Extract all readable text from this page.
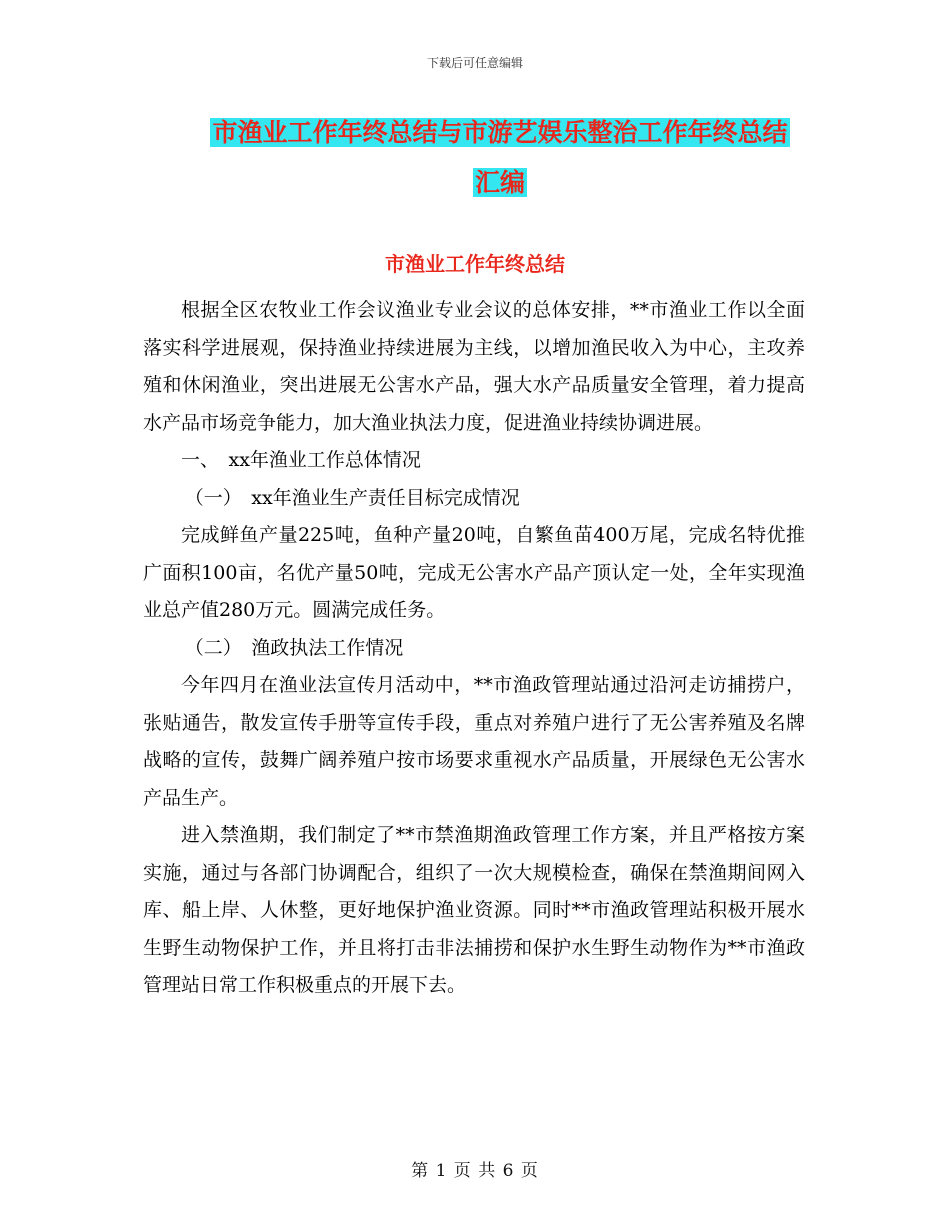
下载后可任意编辑
市渔业工作年终总结与市游艺娱乐整治工作年终总结
汇编
市渔业工作年终总结

根据全区农牧业工作会议渔业专业会议的总体安排，**市渔业工作以全面落实科学进展观，保持渔业持续进展为主线，以增加渔民收入为中心，主攻养殖和休闲渔业，突出进展无公害水产品，强大水产品质量安全管理，着力提高水产品市场竞争能力，加大渔业执法力度，促进渔业持续协调进展。

一、　xx年渔业工作总体情况

（一）　xx年渔业生产责任目标完成情况

完成鲜鱼产量225吨，鱼种产量20吨，自繁鱼苗400万尾，完成名特优推广面积100亩，名优产量50吨，完成无公害水产品产顶认定一处，全年实现渔业总产值280万元。圆满完成任务。

（二）　渔政执法工作情况

今年四月在渔业法宣传月活动中，**市渔政管理站通过沿河走访捕捞户，张贴通告，散发宣传手册等宣传手段，重点对养殖户进行了无公害养殖及名牌战略的宣传，鼓舞广阔养殖户按市场要求重视水产品质量，开展绿色无公害水产品生产。

进入禁渔期，我们制定了**市禁渔期渔政管理工作方案，并且严格按方案实施，通过与各部门协调配合，组织了一次大规模检查，确保在禁渔期间网入库、船上岸、人休整，更好地保护渔业资源。同时**市渔政管理站积极开展水生野生动物保护工作，并且将打击非法捕捞和保护水生野生动物作为**市渔政管理站日常工作积极重点的开展下去。

第 1 页 共 6 页
